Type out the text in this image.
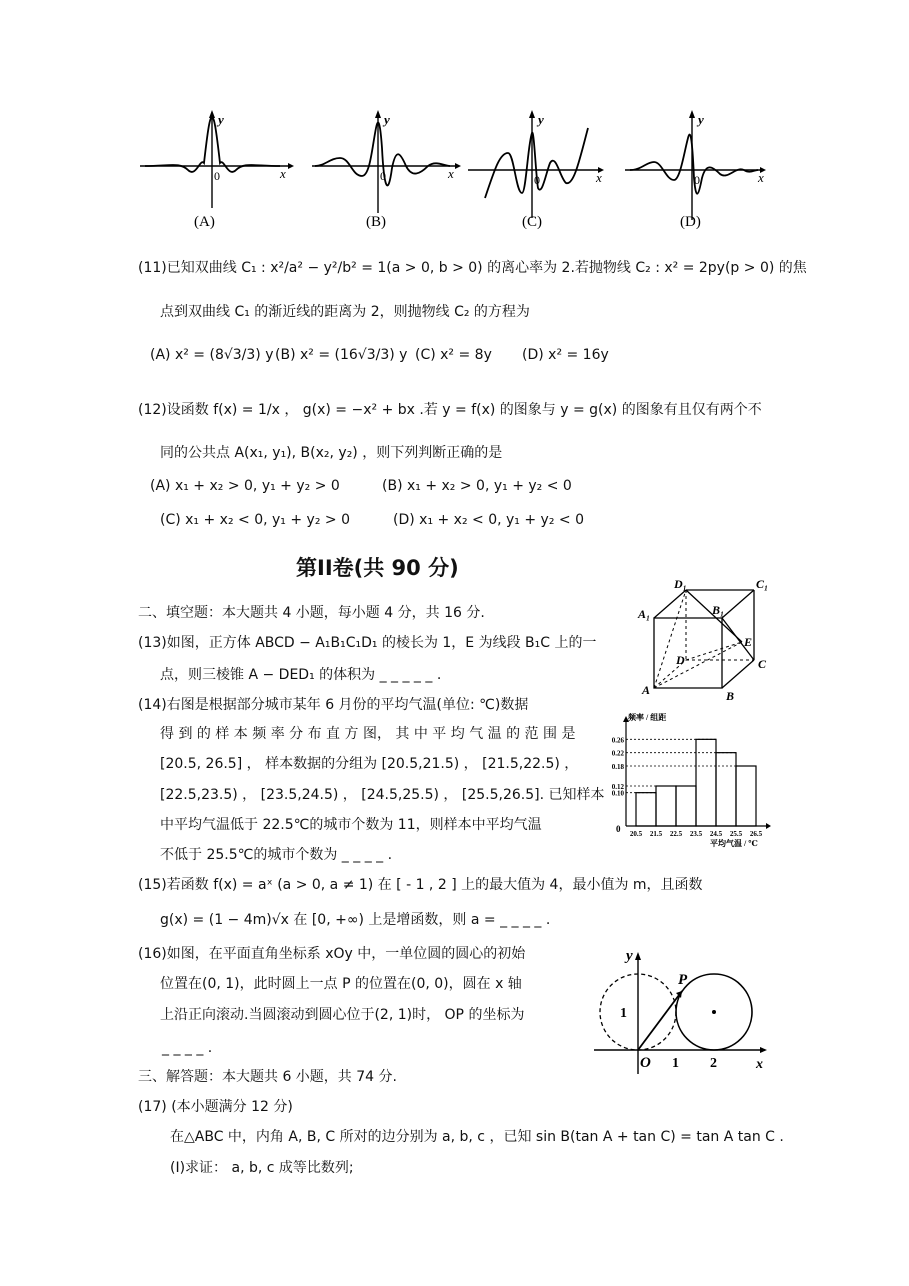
y
x
0
(A)
y
x
0
(B)
y
x
0
(C)
y
x
0
(D)
(11)已知双曲线 C₁ : x²/a² − y²/b² = 1(a > 0, b > 0) 的离心率为 2.若抛物线 C₂ : x² = 2py(p > 0) 的焦
点到双曲线 C₁ 的渐近线的距离为 2，则抛物线 C₂ 的方程为
(A) x² = (8√3/3) y (B) x² = (16√3/3) y (C) x² = 8y (D) x² = 16y
(12)设函数 f(x) = 1/x ， g(x) = −x² + bx .若 y = f(x) 的图象与 y = g(x) 的图象有且仅有两个不
同的公共点 A(x₁, y₁), B(x₂, y₂) ，则下列判断正确的是
(A) x₁ + x₂ > 0, y₁ + y₂ > 0	(B) x₁ + x₂ > 0, y₁ + y₂ < 0
(C) x₁ + x₂ < 0, y₁ + y₂ > 0	(D) x₁ + x₂ < 0, y₁ + y₂ < 0
第II卷(共 90 分)
二、填空题：本大题共 4 小题，每小题 4 分，共 16 分.
(13)如图，正方体 ABCD − A₁B₁C₁D₁ 的棱长为 1，E 为线段 B₁C 上的一
点，则三棱锥 A − DED₁ 的体积为 _ _ _ _ _ .
D₁	C₁
A₁	B₁
E
D	C
A	B
(14)右图是根据部分城市某年 6 月份的平均气温(单位: ℃)数据
得 到 的 样 本 频 率 分 布 直 方 图， 其 中 平 均 气 温 的 范 围 是
[20.5, 26.5] ， 样本数据的分组为 [20.5,21.5) ， [21.5,22.5) ，
[22.5,23.5) ， [23.5,24.5) ， [24.5,25.5) ， [25.5,26.5]. 已知样本
中平均气温低于 22.5℃的城市个数为 11，则样本中平均气温
不低于 25.5℃的城市个数为 _ _ _ _ .
频率 / 组距
平均气温 / ℃
0
0.26
0.22
0.18
0.12
0.10
20.5 21.5 22.5 23.5 24.5 25.5 26.5
(15)若函数 f(x) = aˣ (a > 0, a ≠ 1) 在 [ - 1 , 2 ] 上的最大值为 4，最小值为 m，且函数
g(x) = (1 − 4m)√x 在 [0, +∞) 上是增函数，则 a = _ _ _ _ .
(16)如图，在平面直角坐标系 xOy 中，一单位圆的圆心的初始
位置在(0, 1)，此时圆上一点 P 的位置在(0, 0)，圆在 x 轴
上沿正向滚动.当圆滚动到圆心位于(2, 1)时， OP 的坐标为
_ _ _ _ .
y
x
P
1
O 1 2
三、解答题：本大题共 6 小题，共 74 分.
(17) (本小题满分 12 分)
在△ABC 中，内角 A, B, C 所对的边分别为 a, b, c ，已知 sin B(tan A + tan C) = tan A tan C .
(Ⅰ)求证： a, b, c 成等比数列;
